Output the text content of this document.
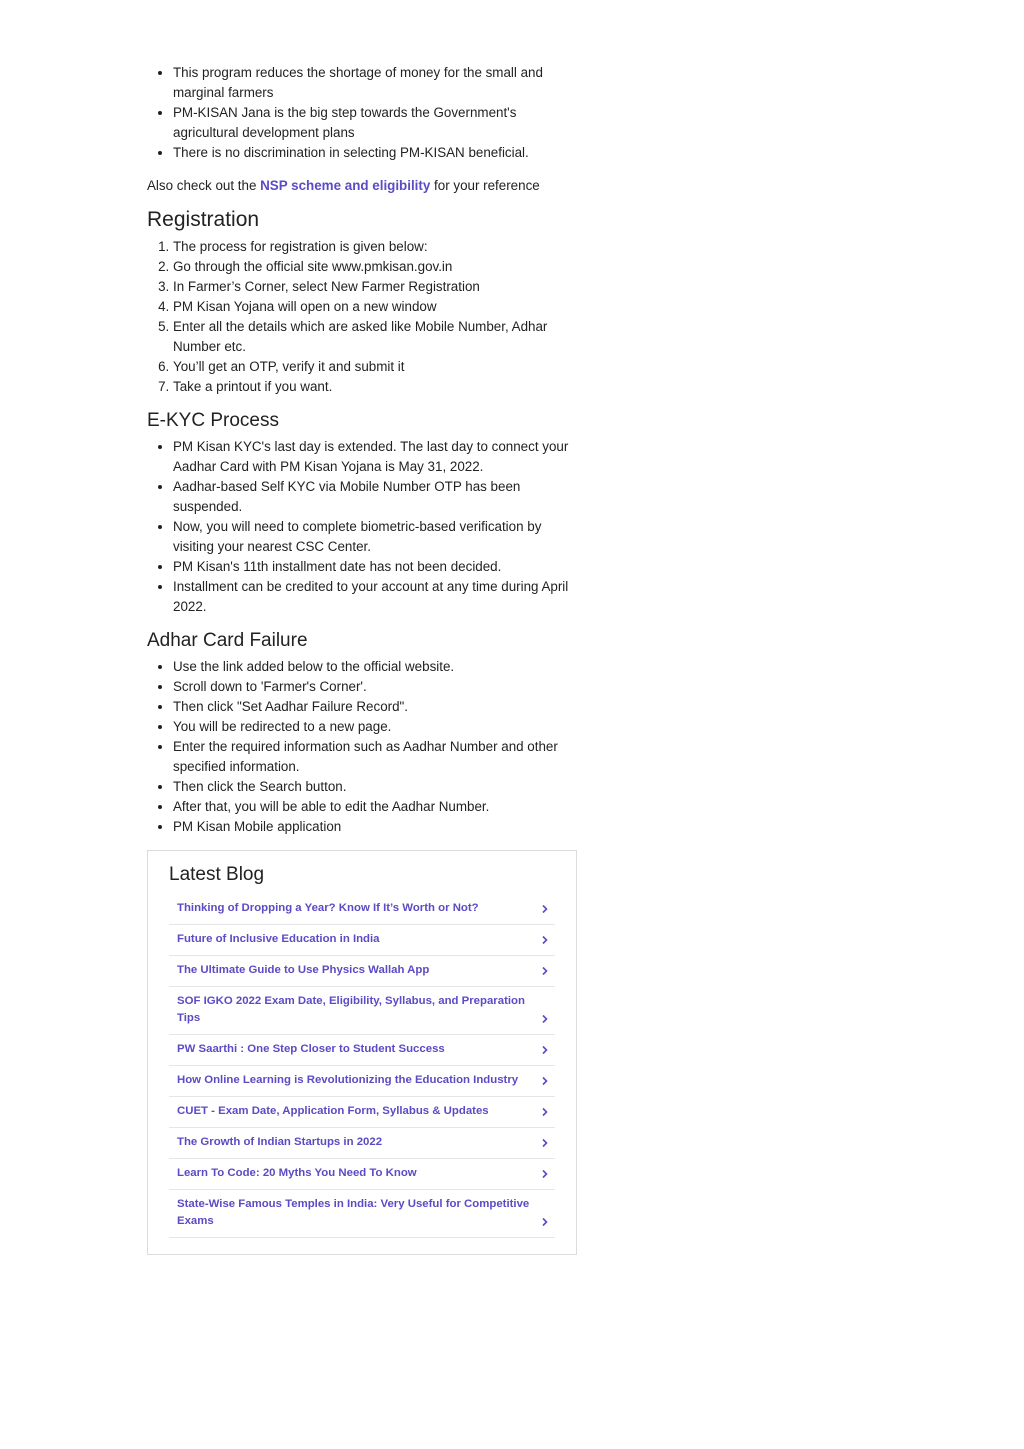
• This program reduces the shortage of money for the small and marginal farmers
• PM-KISAN Jana is the big step towards the Government's agricultural development plans
• There is no discrimination in selecting PM-KISAN beneficial.

Also check out the NSP scheme and eligibility for your reference

Registration
1. The process for registration is given below:
2. Go through the official site www.pmkisan.gov.in
3. In Farmer’s Corner, select New Farmer Registration
4. PM Kisan Yojana will open on a new window
5. Enter all the details which are asked like Mobile Number, Adhar Number etc.
6. You’ll get an OTP, verify it and submit it
7. Take a printout if you want.
E-KYC Process
• PM Kisan KYC's last day is extended. The last day to connect your Aadhar Card with PM Kisan Yojana is May 31, 2022.
• Aadhar-based Self KYC via Mobile Number OTP has been suspended.
• Now, you will need to complete biometric-based verification by visiting your nearest CSC Center.
• PM Kisan's 11th installment date has not been decided.
• Installment can be credited to your account at any time during April 2022.
Adhar Card Failure
• Use the link added below to the official website.
• Scroll down to 'Farmer's Corner'.
• Then click "Set Aadhar Failure Record".
• You will be redirected to a new page.
• Enter the required information such as Aadhar Number and other specified information.
• Then click the Search button.
• After that, you will be able to edit the Aadhar Number.
• PM Kisan Mobile application
Latest Blog
Thinking of Dropping a Year? Know If It’s Worth or Not?
Future of Inclusive Education in India
The Ultimate Guide to Use Physics Wallah App
SOF IGKO 2022 Exam Date, Eligibility, Syllabus, and Preparation Tips
PW Saarthi : One Step Closer to Student Success
How Online Learning is Revolutionizing the Education Industry
CUET - Exam Date, Application Form, Syllabus & Updates
The Growth of Indian Startups in 2022
Learn To Code: 20 Myths You Need To Know
State-Wise Famous Temples in India: Very Useful for Competitive Exams
